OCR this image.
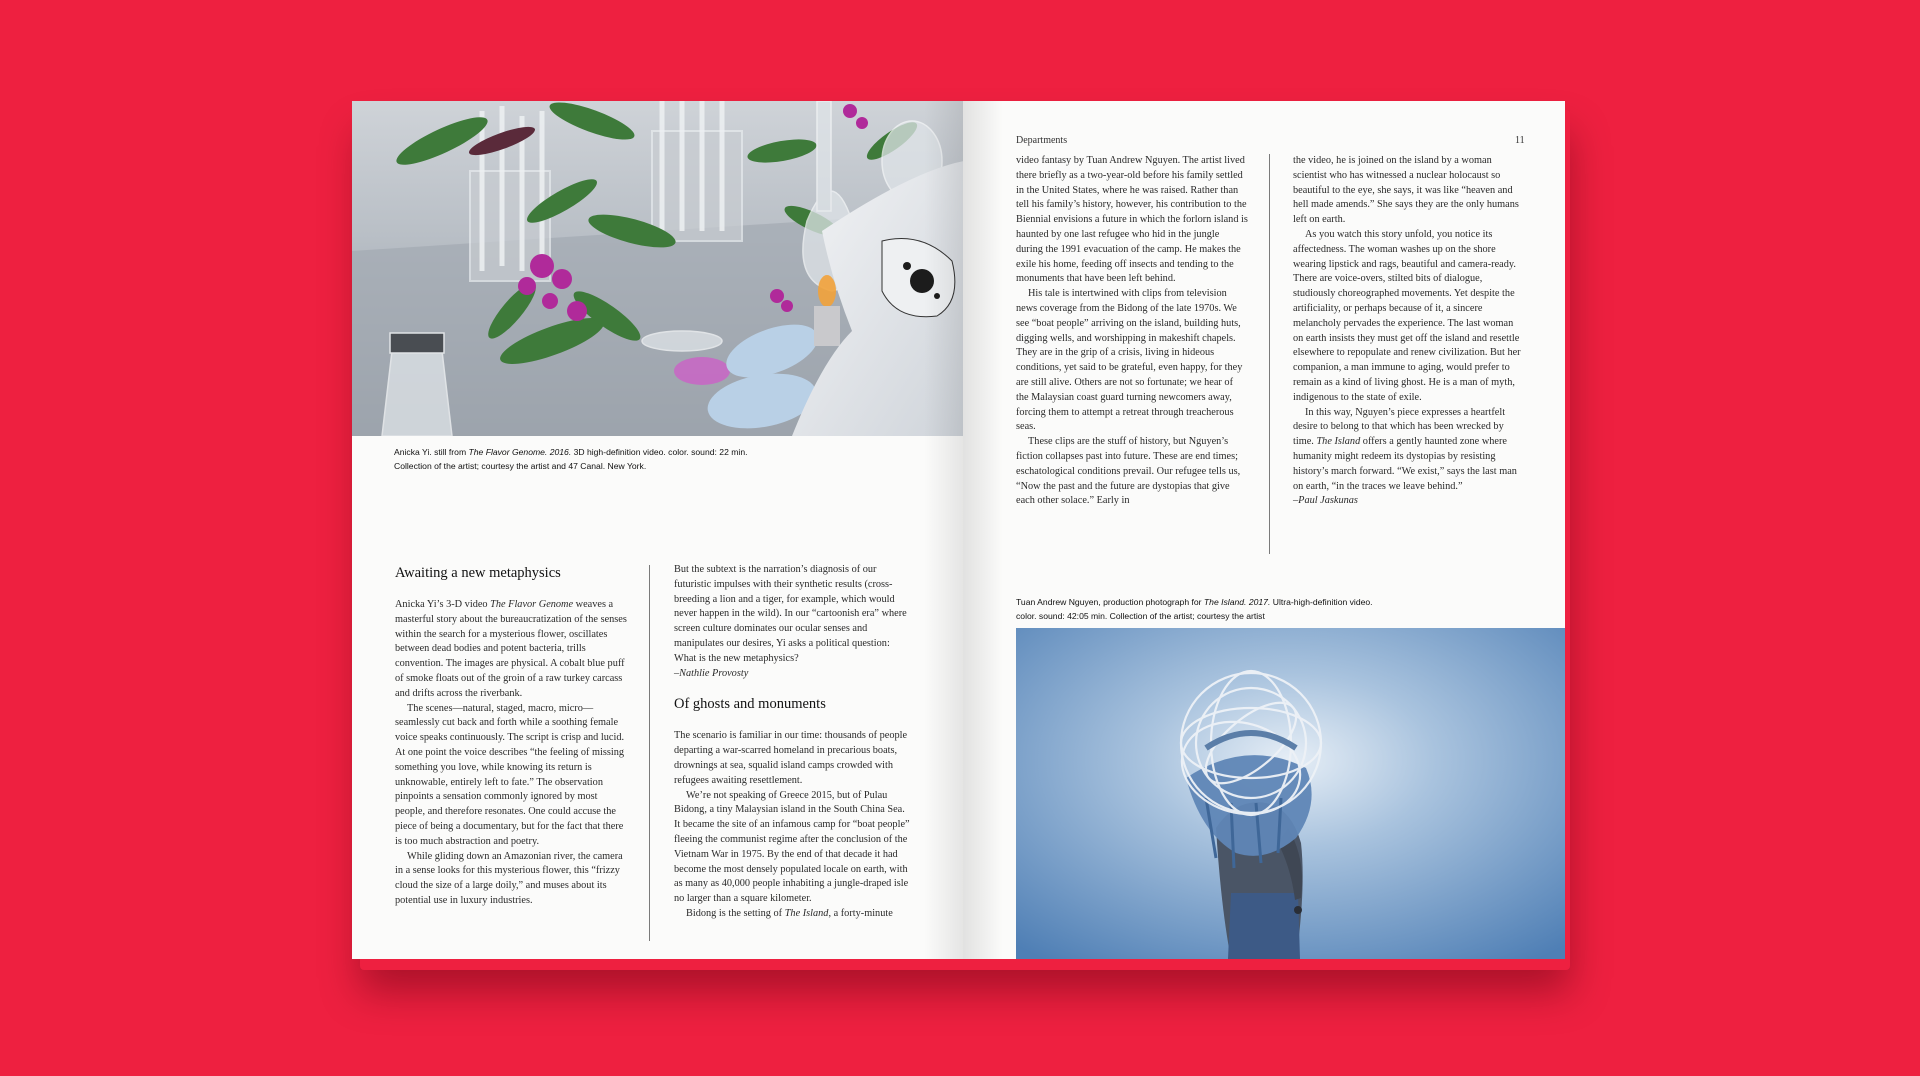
Anicka Yi. still from The Flavor Genome. 2016. 3D high-definition video. color. sound: 22 min.
Collection of the artist; courtesy the artist and 47 Canal. New York.
Awaiting a new metaphysics

Anicka Yi’s 3-D video The Flavor Genome weaves a masterful story about the bureaucratization of the senses within the search for a mysterious flower, oscillates between dead bodies and potent bacteria, trills convention. The images are physical. A cobalt blue puff of smoke floats out of the groin of a raw turkey carcass and drifts across the riverbank.

The scenes—natural, staged, macro, micro—seamlessly cut back and forth while a soothing female voice speaks continuously. The script is crisp and lucid. At one point the voice describes “the feeling of missing something you love, while knowing its return is unknowable, entirely left to fate.” The observation pinpoints a sensation commonly ignored by most people, and therefore resonates. One could accuse the piece of being a documentary, but for the fact that there is too much abstraction and poetry.

While gliding down an Amazonian river, the camera in a sense looks for this mysterious flower, this “frizzy cloud the size of a large doily,” and muses about its potential use in luxury industries.

But the subtext is the narration’s diagnosis of our futuristic impulses with their synthetic results (cross-breeding a lion and a tiger, for example, which would never happen in the wild). In our “cartoonish era” where screen culture dominates our ocular senses and manipulates our desires, Yi asks a political question: What is the new metaphysics?

–Nathlie Provosty

Of ghosts and monuments

The scenario is familiar in our time: thousands of people departing a war-scarred homeland in precarious boats, drownings at sea, squalid island camps crowded with refugees awaiting resettlement.

We’re not speaking of Greece 2015, but of Pulau Bidong, a tiny Malaysian island in the South China Sea. It became the site of an infamous camp for “boat people” fleeing the communist regime after the conclusion of the Vietnam War in 1975. By the end of that decade it had become the most densely populated locale on earth, with as many as 40,000 people inhabiting a jungle-draped isle no larger than a square kilometer.

Bidong is the setting of The Island, a forty-minute

Departments	11

video fantasy by Tuan Andrew Nguyen. The artist lived there briefly as a two-year-old before his family settled in the United States, where he was raised. Rather than tell his family’s history, however, his contribution to the Biennial envisions a future in which the forlorn island is haunted by one last refugee who hid in the jungle during the 1991 evacuation of the camp. He makes the exile his home, feeding off insects and tending to the monuments that have been left behind.

His tale is intertwined with clips from television news coverage from the Bidong of the late 1970s. We see “boat people” arriving on the island, building huts, digging wells, and worshipping in makeshift chapels. They are in the grip of a crisis, living in hideous conditions, yet said to be grateful, even happy, for they are still alive. Others are not so fortunate; we hear of the Malaysian coast guard turning newcomers away, forcing them to attempt a retreat through treacherous seas.

These clips are the stuff of history, but Nguyen’s fiction collapses past into future. These are end times; eschatological conditions prevail. Our refugee tells us, “Now the past and the future are dystopias that give each other solace.” Early in

the video, he is joined on the island by a woman scientist who has witnessed a nuclear holocaust so beautiful to the eye, she says, it was like “heaven and hell made amends.” She says they are the only humans left on earth.

As you watch this story unfold, you notice its affectedness. The woman washes up on the shore wearing lipstick and rags, beautiful and camera-ready. There are voice-overs, stilted bits of dialogue, studiously choreographed movements. Yet despite the artificiality, or perhaps because of it, a sincere melancholy pervades the experience. The last woman on earth insists they must get off the island and resettle elsewhere to repopulate and renew civilization. But her companion, a man immune to aging, would prefer to remain as a kind of living ghost. He is a man of myth, indigenous to the state of exile.

In this way, Nguyen’s piece expresses a heartfelt desire to belong to that which has been wrecked by time. The Island offers a gently haunted zone where humanity might redeem its dystopias by resisting history’s march forward. “We exist,” says the last man on earth, “in the traces we leave behind.”

–Paul Jaskunas

Tuan Andrew Nguyen, production photograph for The Island. 2017. Ultra-high-definition video.
color. sound: 42:05 min. Collection of the artist; courtesy the artist
